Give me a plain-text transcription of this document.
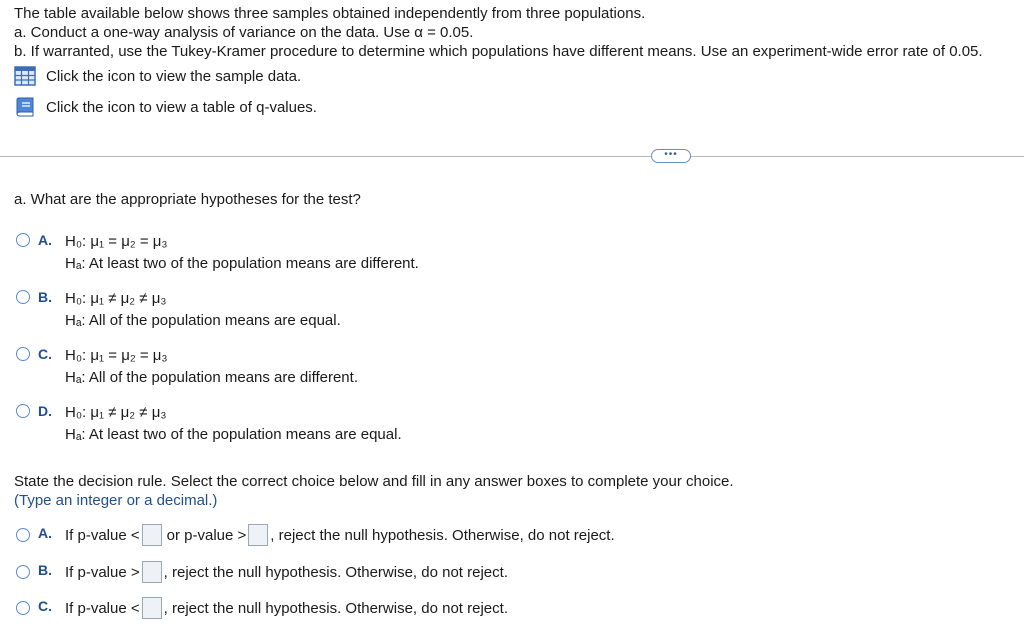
The table available below shows three samples obtained independently from three populations.
a. Conduct a one-way analysis of variance on the data. Use α = 0.05.
b. If warranted, use the Tukey-Kramer procedure to determine which populations have different means. Use an experiment-wide error rate of 0.05.
Click the icon to view the sample data.
Click the icon to view a table of q-values.
•••
a. What are the appropriate hypotheses for the test?
A. H₀: μ₁ = μ₂ = μ₃
Hₐ: At least two of the population means are different.
B. H₀: μ₁ ≠ μ₂ ≠ μ₃
Hₐ: All of the population means are equal.
C. H₀: μ₁ = μ₂ = μ₃
Hₐ: All of the population means are different.
D. H₀: μ₁ ≠ μ₂ ≠ μ₃
Hₐ: At least two of the population means are equal.
State the decision rule. Select the correct choice below and fill in any answer boxes to complete your choice.
(Type an integer or a decimal.)
A. If p-value < or p-value > , reject the null hypothesis. Otherwise, do not reject.
B. If p-value > , reject the null hypothesis. Otherwise, do not reject.
C. If p-value < , reject the null hypothesis. Otherwise, do not reject.
